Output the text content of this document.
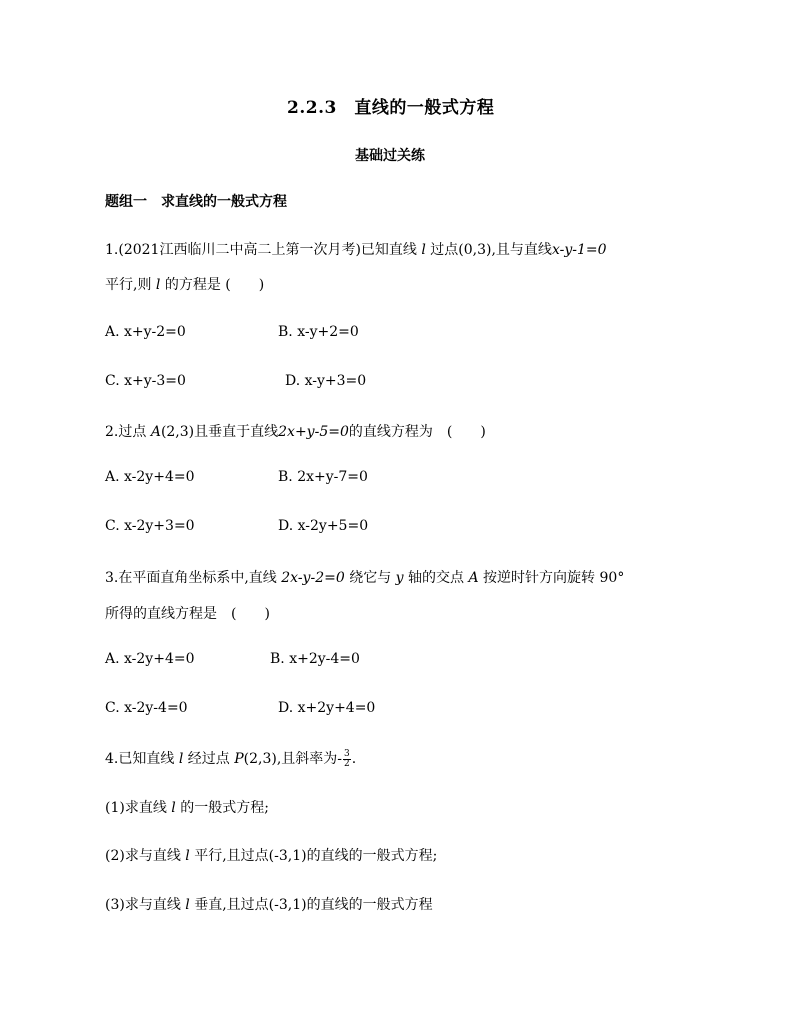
2.2.3　直线的一般式方程
基础过关练
题组一　求直线的一般式方程
1.(2021江西临川二中高二上第一次月考)已知直线 l 过点(0,3),且与直线x-y-1=0
平行,则 l 的方程是 (　　)
A. x+y-2=0	B. x-y+2=0
C. x+y-3=0	D. x-y+3=0
2.过点 A(2,3)且垂直于直线2x+y-5=0的直线方程为　(　　)
A. x-2y+4=0	B. 2x+y-7=0
C. x-2y+3=0	D. x-2y+5=0
3.在平面直角坐标系中,直线 2x-y-2=0 绕它与 y 轴的交点 A 按逆时针方向旋转 90°
所得的直线方程是　(　　)
A. x-2y+4=0	B. x+2y-4=0
C. x-2y-4=0	D. x+2y+4=0
4.已知直线 l 经过点 P(2,3),且斜率为- $\frac{3}{2}$ .
(1)求直线 l 的一般式方程;
(2)求与直线 l 平行,且过点(-3,1)的直线的一般式方程;
(3)求与直线 l 垂直,且过点(-3,1)的直线的一般式方程
